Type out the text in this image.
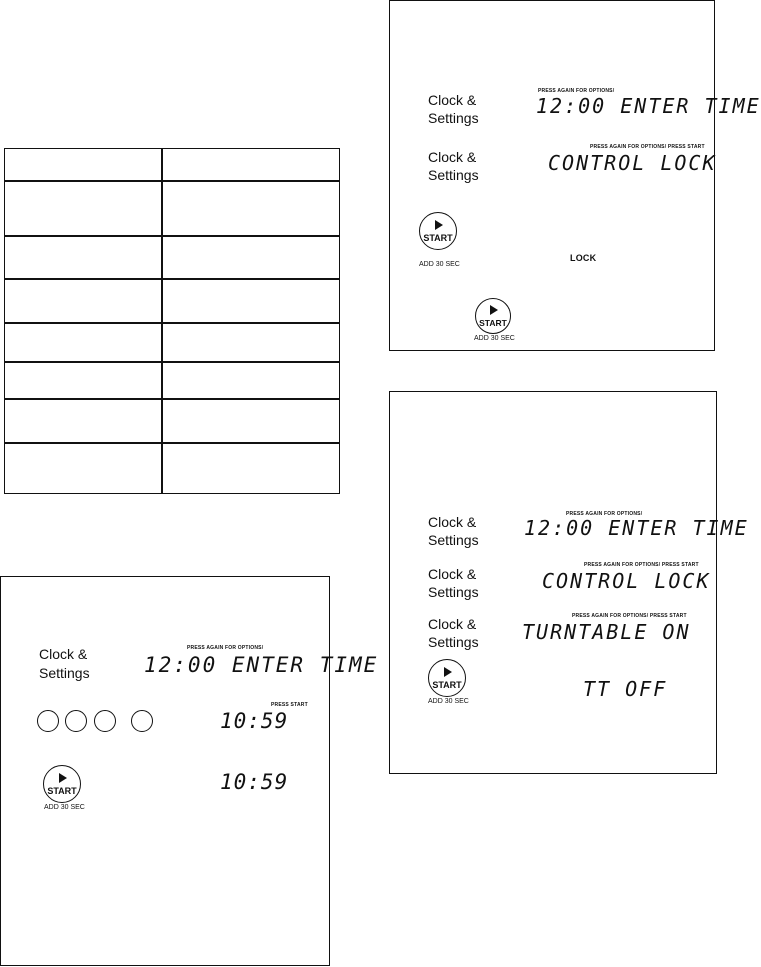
Clock &
Settings
PRESS AGAIN FOR OPTIONS/
12:00 ENTER TIME
PRESS START
10:59
START
ADD 30 SEC
10:59
Clock &
Settings
PRESS AGAIN FOR OPTIONS/
12:00 ENTER TIME
Clock &
Settings
PRESS AGAIN FOR OPTIONS/ PRESS START
CONTROL LOCK
START
ADD 30 SEC
LOCK
START
ADD 30 SEC
Clock &
Settings
PRESS AGAIN FOR OPTIONS/
12:00 ENTER TIME
Clock &
Settings
PRESS AGAIN FOR OPTIONS/ PRESS START
CONTROL LOCK
Clock &
Settings
PRESS AGAIN FOR OPTIONS/ PRESS START
TURNTABLE ON
START
ADD 30 SEC
TT OFF
